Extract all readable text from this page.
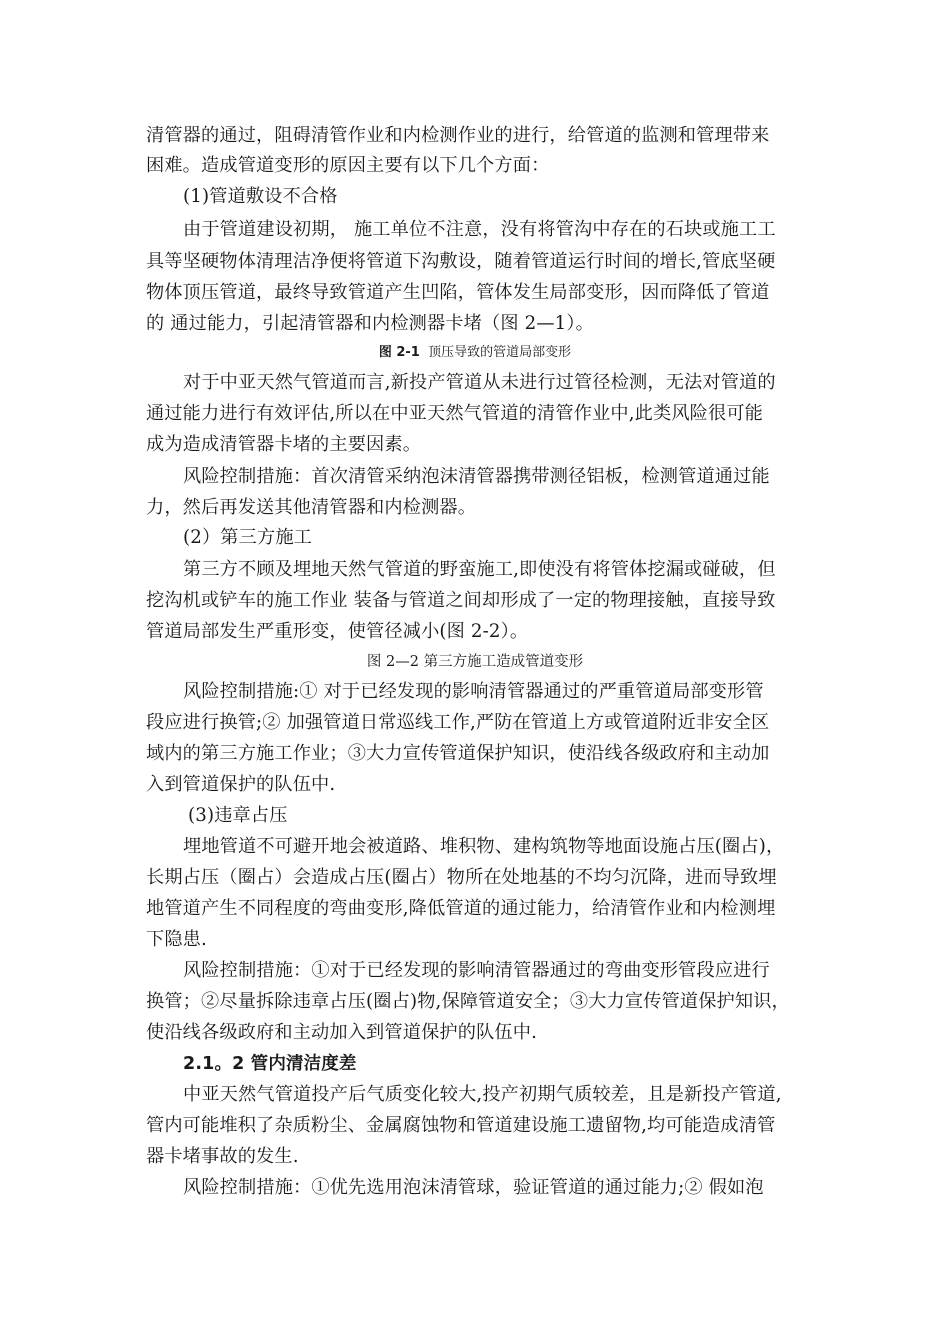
清管器的通过，阻碍清管作业和内检测作业的进行，给管道的监测和管理带来
困难。造成管道变形的原因主要有以下几个方面：
(1)管道敷设不合格
由于管道建设初期， 施工单位不注意，没有将管沟中存在的石块或施工工
具等坚硬物体清理洁净便将管道下沟敷设，随着管道运行时间的增长,管底坚硬
物体顶压管道，最终导致管道产生凹陷，管体发生局部变形，因而降低了管道
的 通过能力，引起清管器和内检测器卡堵（图 2—1）。
图 2-1 顶压导致的管道局部变形
对于中亚天然气管道而言,新投产管道从未进行过管径检测，无法对管道的
通过能力进行有效评估,所以在中亚天然气管道的清管作业中,此类风险很可能
成为造成清管器卡堵的主要因素。
风险控制措施：首次清管采纳泡沫清管器携带测径铝板，检测管道通过能
力，然后再发送其他清管器和内检测器。
(2）第三方施工
第三方不顾及埋地天然气管道的野蛮施工,即使没有将管体挖漏或碰破，但
挖沟机或铲车的施工作业 装备与管道之间却形成了一定的物理接触，直接导致
管道局部发生严重形变，使管径减小(图 2-2）。
图 2—2 第三方施工造成管道变形
风险控制措施:① 对于已经发现的影响清管器通过的严重管道局部变形管
段应进行换管;② 加强管道日常巡线工作,严防在管道上方或管道附近非安全区
域内的第三方施工作业；③大力宣传管道保护知识，使沿线各级政府和主动加
入到管道保护的队伍中.
(3)违章占压
埋地管道不可避开地会被道路、堆积物、建构筑物等地面设施占压(圈占)，
长期占压（圈占）会造成占压(圈占）物所在处地基的不均匀沉降，进而导致埋
地管道产生不同程度的弯曲变形,降低管道的通过能力，给清管作业和内检测埋
下隐患.
风险控制措施：①对于已经发现的影响清管器通过的弯曲变形管段应进行
换管；②尽量拆除违章占压(圈占)物,保障管道安全；③大力宣传管道保护知识，
使沿线各级政府和主动加入到管道保护的队伍中.
2.1。2 管内清洁度差
中亚天然气管道投产后气质变化较大,投产初期气质较差，且是新投产管道,
管内可能堆积了杂质粉尘、金属腐蚀物和管道建设施工遗留物,均可能造成清管
器卡堵事故的发生.
风险控制措施：①优先选用泡沫清管球，验证管道的通过能力;② 假如泡
